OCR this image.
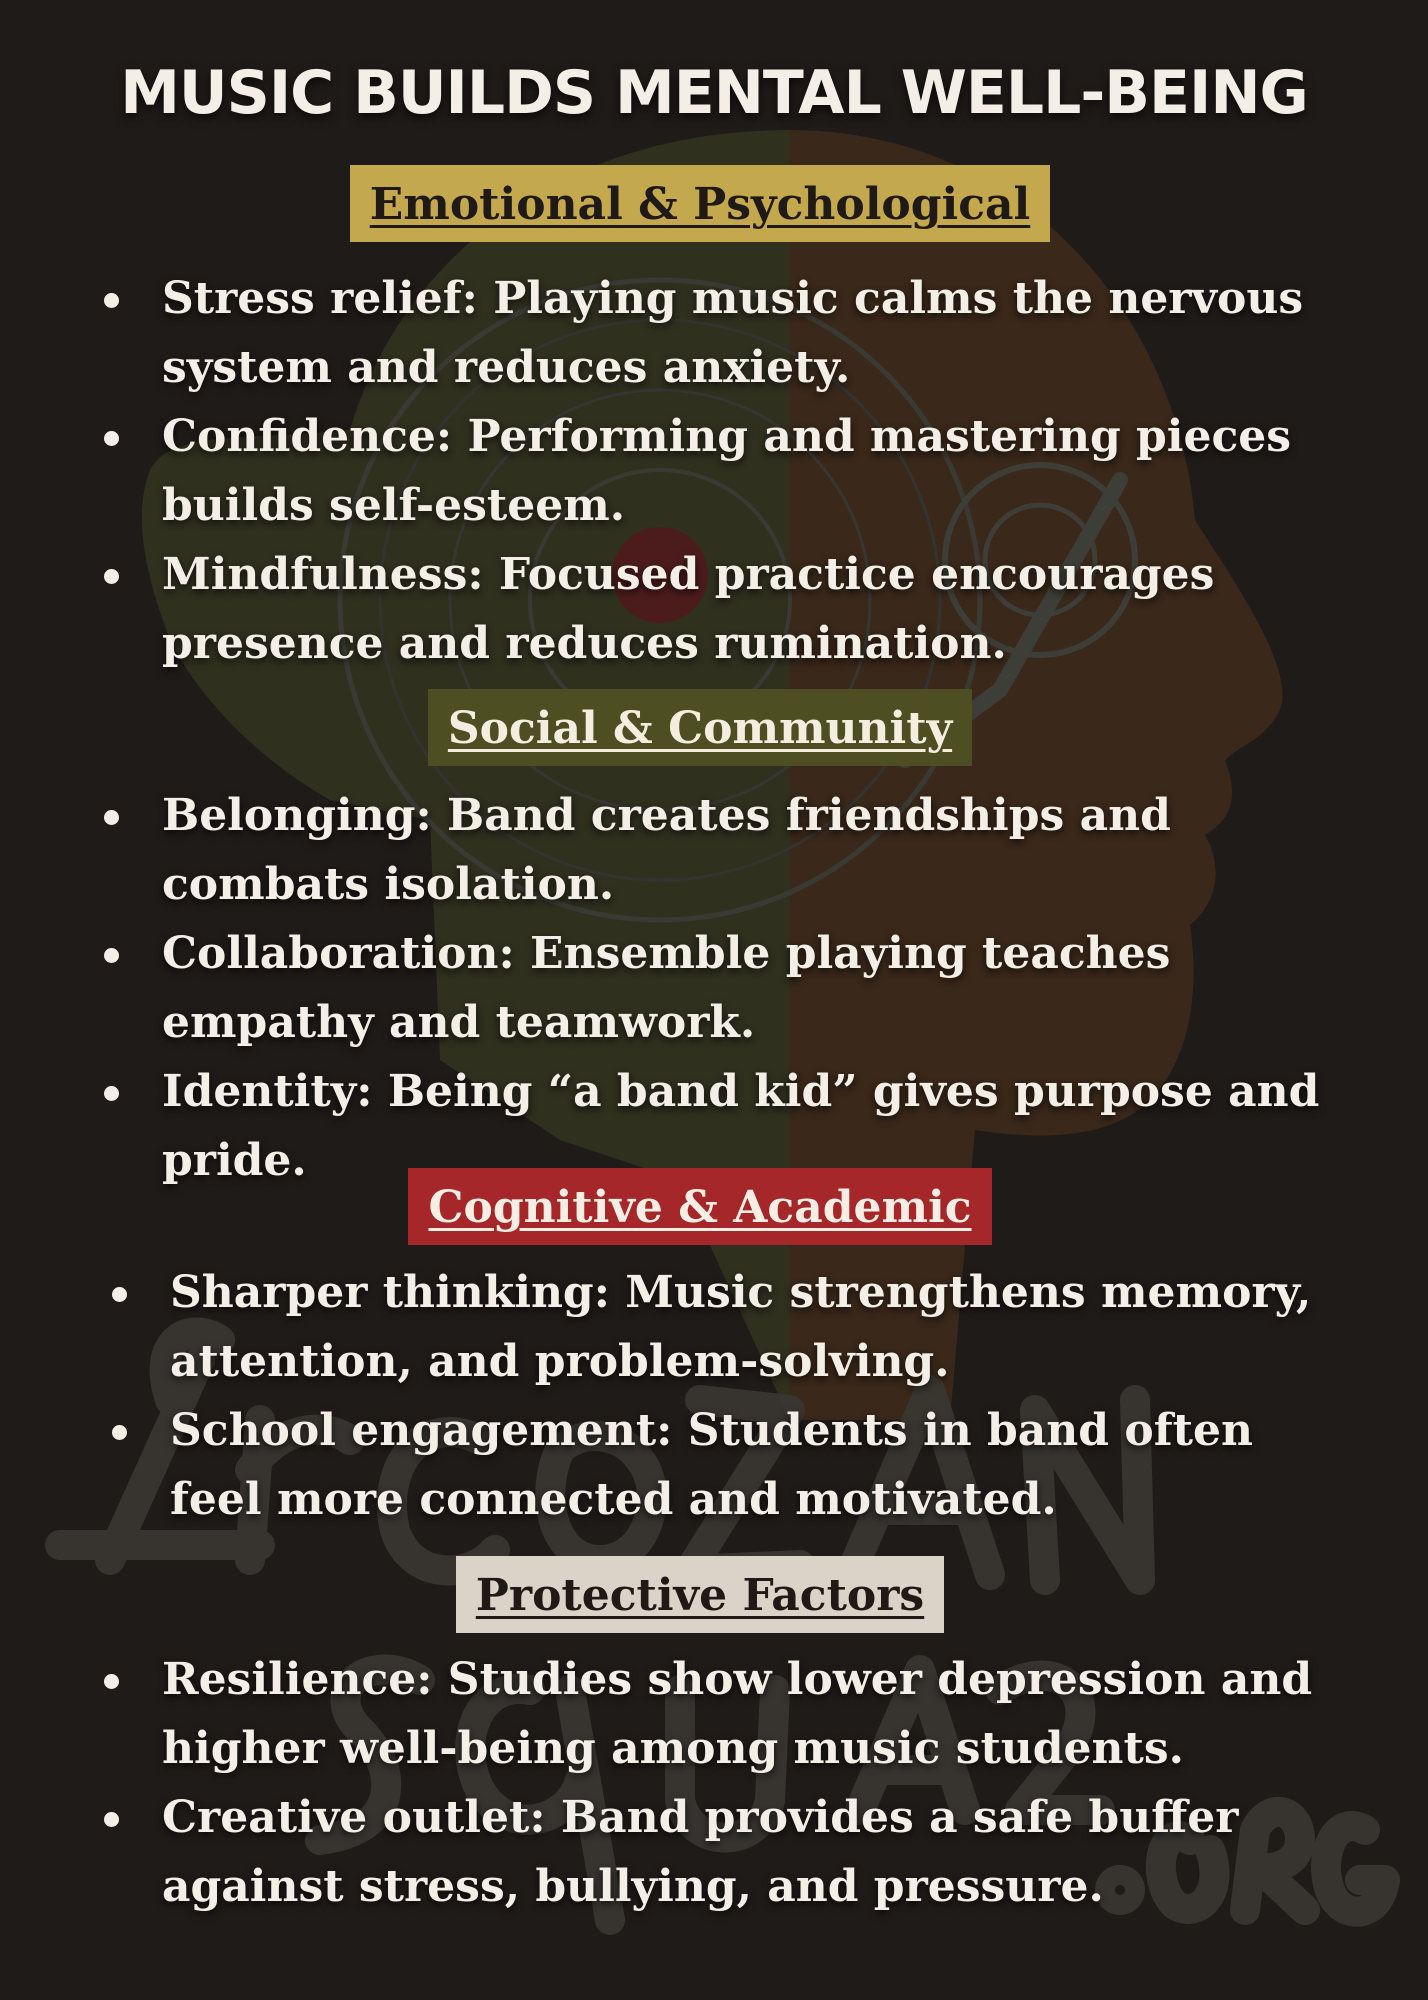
MUSIC BUILDS MENTAL WELL-BEING
Emotional & Psychological
Stress relief: Playing music calms the nervous system and reduces anxiety.
Confidence: Performing and mastering pieces builds self-esteem.
Mindfulness: Focused practice encourages presence and reduces rumination.
Social & Community
Belonging: Band creates friendships and combats isolation.
Collaboration: Ensemble playing teaches empathy and teamwork.
Identity: Being “a band kid” gives purpose and pride.
Cognitive & Academic
Sharper thinking: Music strengthens memory, attention, and problem-solving.
School engagement: Students in band often feel more connected and motivated.
Protective Factors
Resilience: Studies show lower depression and higher well-being among music students.
Creative outlet: Band provides a safe buffer against stress, bullying, and pressure.
